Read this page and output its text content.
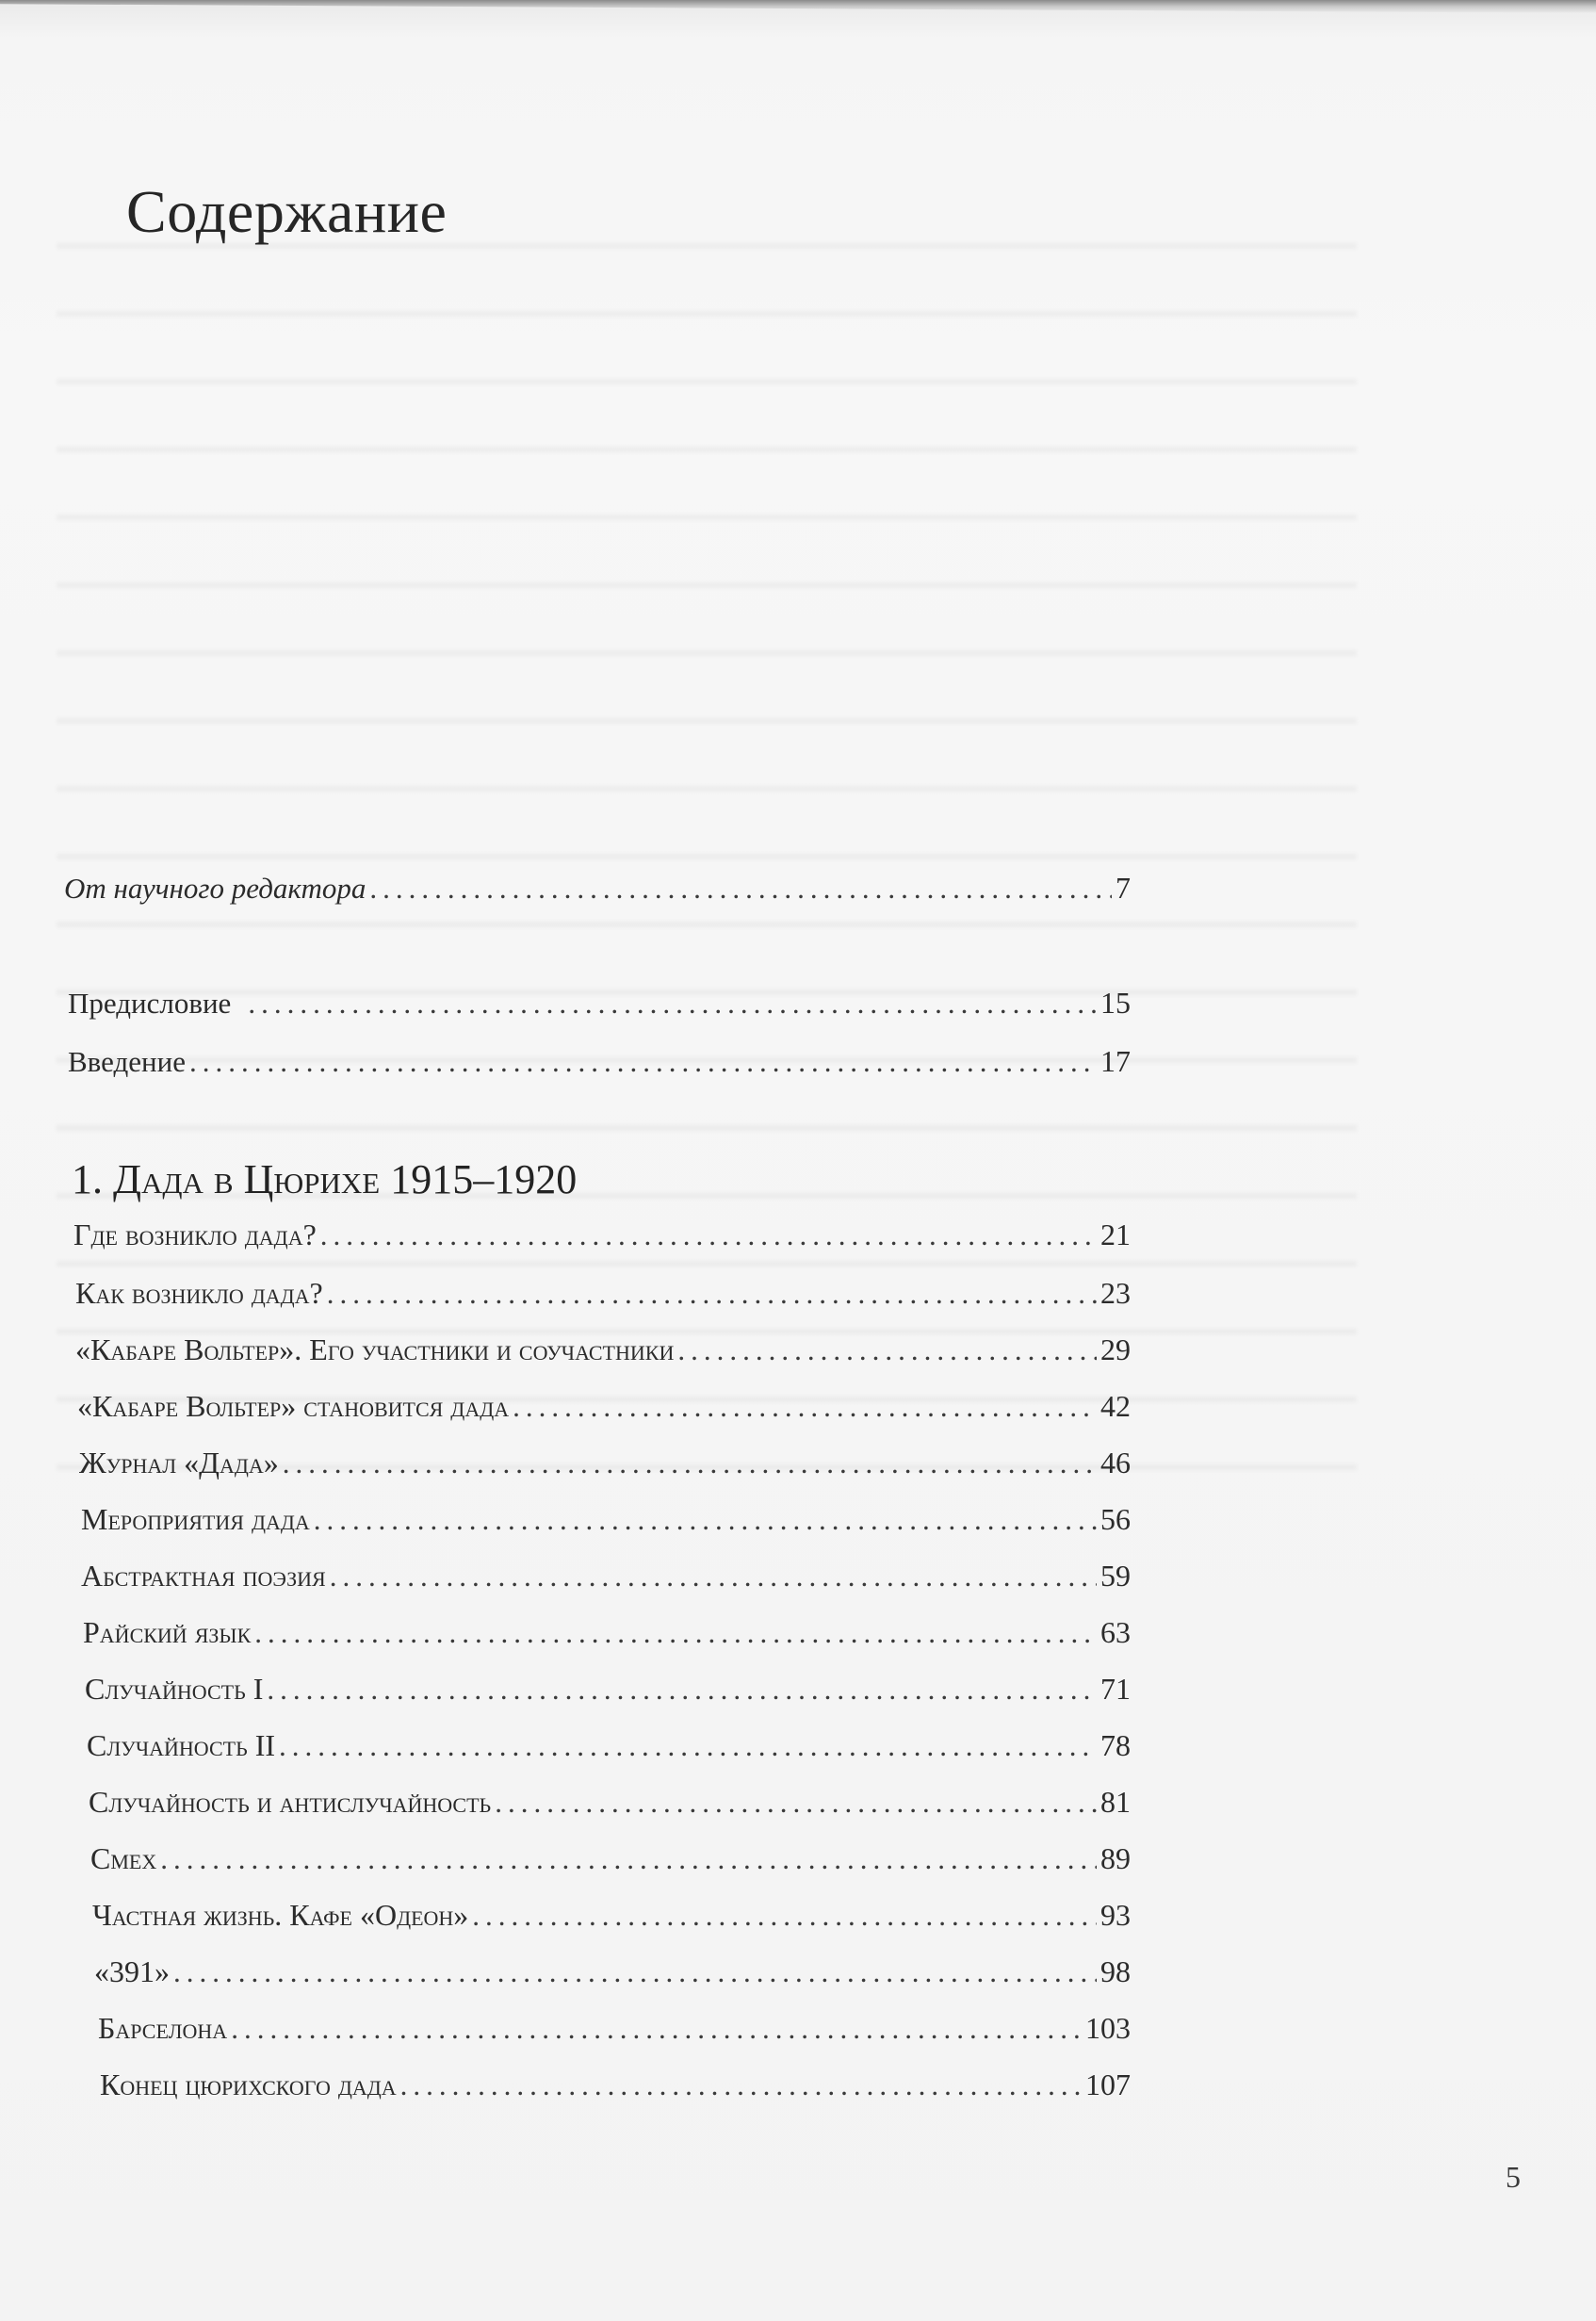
Содержание
От научного редактора .....	7
Предисловие .....	15
Введение .....	17
1. Дада в Цюрихе 1915–1920
Где возникло дада? .....	21
Как возникло дада? .....	23
«Кабаре Вольтер». Его участники и соучастники .....	29
«Кабаре Вольтер» становится дада .....	42
Журнал «Дада» .....	46
Мероприятия дада .....	56
Абстрактная поэзия .....	59
Райский язык .....	63
Случайность I .....	71
Случайность II .....	78
Случайность и антислучайность .....	81
Смех .....	89
Частная жизнь. Кафе «Одеон» .....	93
«391» .....	98
Барселона .....	103
Конец цюрихского дада .....	107
5
